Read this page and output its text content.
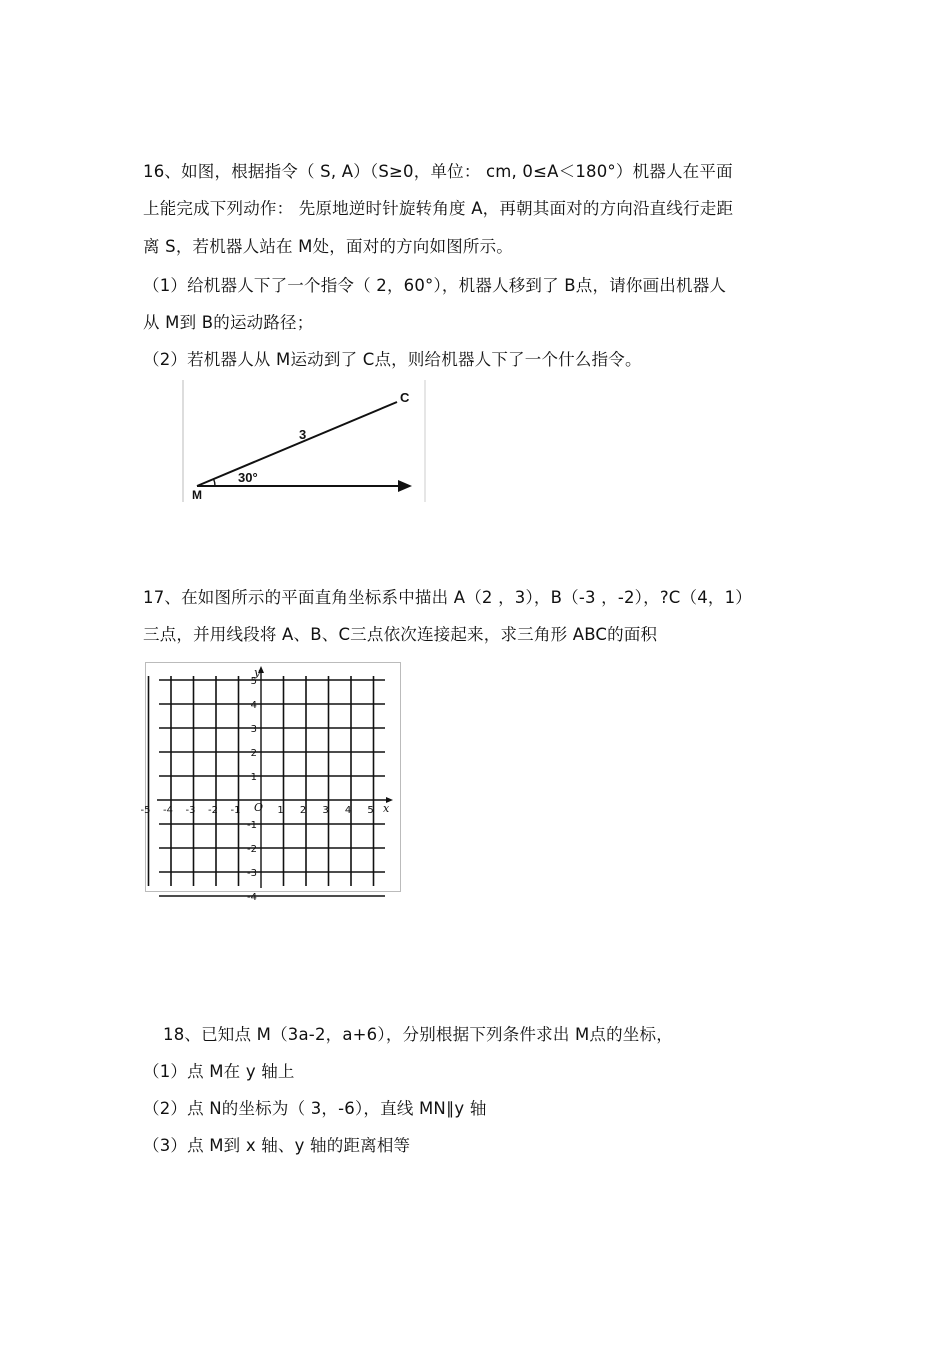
16、如图，根据指令（ S, A）（S≥0，单位： cm, 0≤A＜180°）机器人在平面
上能完成下列动作： 先原地逆时针旋转角度 A，再朝其面对的方向沿直线行走距
离 S，若机器人站在 M处，面对的方向如图所示。
（1）给机器人下了一个指令（ 2，60°），机器人移到了 B点，请你画出机器人
从 M到 B的运动路径；
（2）若机器人从 M运动到了 C点，则给机器人下了一个什么指令。
M
C
3
30°
17、在如图所示的平面直角坐标系中描出 A（2 ，3），B（-3 ，-2），?C（4，1）
三点，并用线段将 A、B、C三点依次连接起来，求三角形 ABC的面积
-5 -4 -3 -2 -1	1 2 3 4 5
5
4
3
2
1
-1
-2
-3
-4
x
y
O
18、已知点 M（3a-2，a+6），分别根据下列条件求出 M点的坐标，
（1）点 M在 y 轴上
（2）点 N的坐标为（ 3，-6），直线 MN∥y 轴
（3）点 M到 x 轴、y 轴的距离相等
